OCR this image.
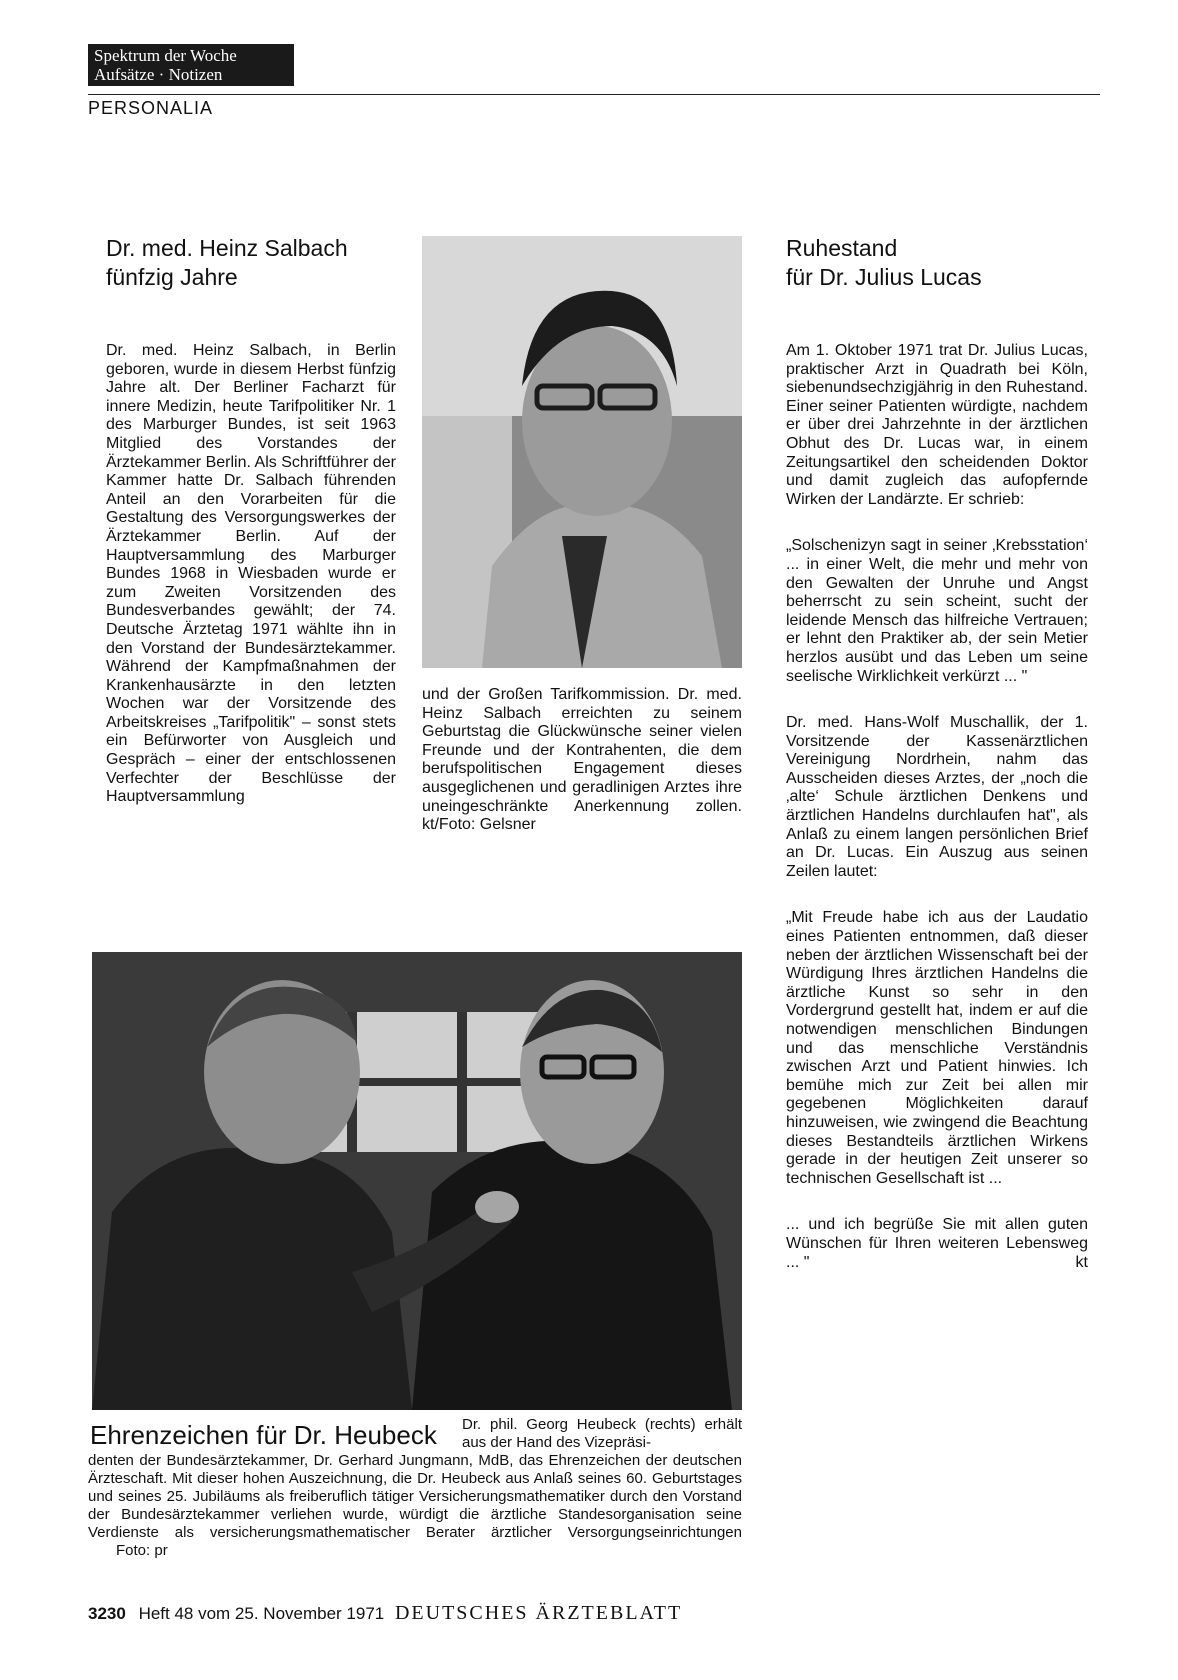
Spektrum der Woche
Aufsätze · Notizen
PERSONALIA
Dr. med. Heinz Salbach
fünfzig Jahre

Dr. med. Heinz Salbach, in Berlin geboren, wurde in diesem Herbst fünfzig Jahre alt. Der Berliner Facharzt für innere Medizin, heute Tarifpolitiker Nr. 1 des Marburger Bundes, ist seit 1963 Mitglied des Vorstandes der Ärztekammer Berlin. Als Schriftführer der Kammer hatte Dr. Salbach führenden Anteil an den Vorarbeiten für die Gestaltung des Versorgungswerkes der Ärztekammer Berlin. Auf der Hauptversammlung des Marburger Bundes 1968 in Wiesbaden wurde er zum Zweiten Vorsitzenden des Bundesverbandes gewählt; der 74. Deutsche Ärztetag 1971 wählte ihn in den Vorstand der Bundesärztekammer. Während der Kampfmaßnahmen der Krankenhausärzte in den letzten Wochen war der Vorsitzende des Arbeitskreises „Tarifpolitik" – sonst stets ein Befürworter von Ausgleich und Gespräch – einer der entschlossenen Verfechter der Beschlüsse der Hauptversammlung

und der Großen Tarifkommission. Dr. med. Heinz Salbach erreichten zu seinem Geburtstag die Glückwünsche seiner vielen Freunde und der Kontrahenten, die dem berufspolitischen Engagement dieses ausgeglichenen und geradlinigen Arztes ihre uneingeschränkte Anerkennung zollen. kt/Foto: Gelsner

Ruhestand
für Dr. Julius Lucas

Am 1. Oktober 1971 trat Dr. Julius Lucas, praktischer Arzt in Quadrath bei Köln, siebenundsechzigjährig in den Ruhestand. Einer seiner Patienten würdigte, nachdem er über drei Jahrzehnte in der ärztlichen Obhut des Dr. Lucas war, in einem Zeitungsartikel den scheidenden Doktor und damit zugleich das aufopfernde Wirken der Landärzte. Er schrieb:

„Solschenizyn sagt in seiner ‚Krebsstation‘ ... in einer Welt, die mehr und mehr von den Gewalten der Unruhe und Angst beherrscht zu sein scheint, sucht der leidende Mensch das hilfreiche Vertrauen; er lehnt den Praktiker ab, der sein Metier herzlos ausübt und das Leben um seine seelische Wirklichkeit verkürzt ... "

Dr. med. Hans-Wolf Muschallik, der 1. Vorsitzende der Kassenärztlichen Vereinigung Nordrhein, nahm das Ausscheiden dieses Arztes, der „noch die ‚alte‘ Schule ärztlichen Denkens und ärztlichen Handelns durchlaufen hat", als Anlaß zu einem langen persönlichen Brief an Dr. Lucas. Ein Auszug aus seinen Zeilen lautet:

„Mit Freude habe ich aus der Laudatio eines Patienten entnommen, daß dieser neben der ärztlichen Wissenschaft bei der Würdigung Ihres ärztlichen Handelns die ärztliche Kunst so sehr in den Vordergrund gestellt hat, indem er auf die notwendigen menschlichen Bindungen und das menschliche Verständnis zwischen Arzt und Patient hinwies. Ich bemühe mich zur Zeit bei allen mir gegebenen Möglichkeiten darauf hinzuweisen, wie zwingend die Beachtung dieses Bestandteils ärztlichen Wirkens gerade in der heutigen Zeit unserer so technischen Gesellschaft ist ...

... und ich begrüße Sie mit allen guten Wünschen für Ihren weiteren Lebensweg ... "	kt

Ehrenzeichen für Dr. Heubeck Dr. phil. Georg Heubeck (rechts) erhält aus der Hand des Vizepräsi-
denten der Bundesärztekammer, Dr. Gerhard Jungmann, MdB, das Ehrenzeichen der deutschen Ärzteschaft. Mit dieser hohen Auszeichnung, die Dr. Heubeck aus Anlaß seines 60. Geburtstages und seines 25. Jubiläums als freiberuflich tätiger Versicherungsmathematiker durch den Vorstand der Bundesärztekammer verliehen wurde, würdigt die ärztliche Standesorganisation seine Verdienste als versicherungsmathematischer Berater ärztlicher Versorgungseinrichtungen Foto: pr
3230 Heft 48 vom 25. November 1971 DEUTSCHES ÄRZTEBLATT
